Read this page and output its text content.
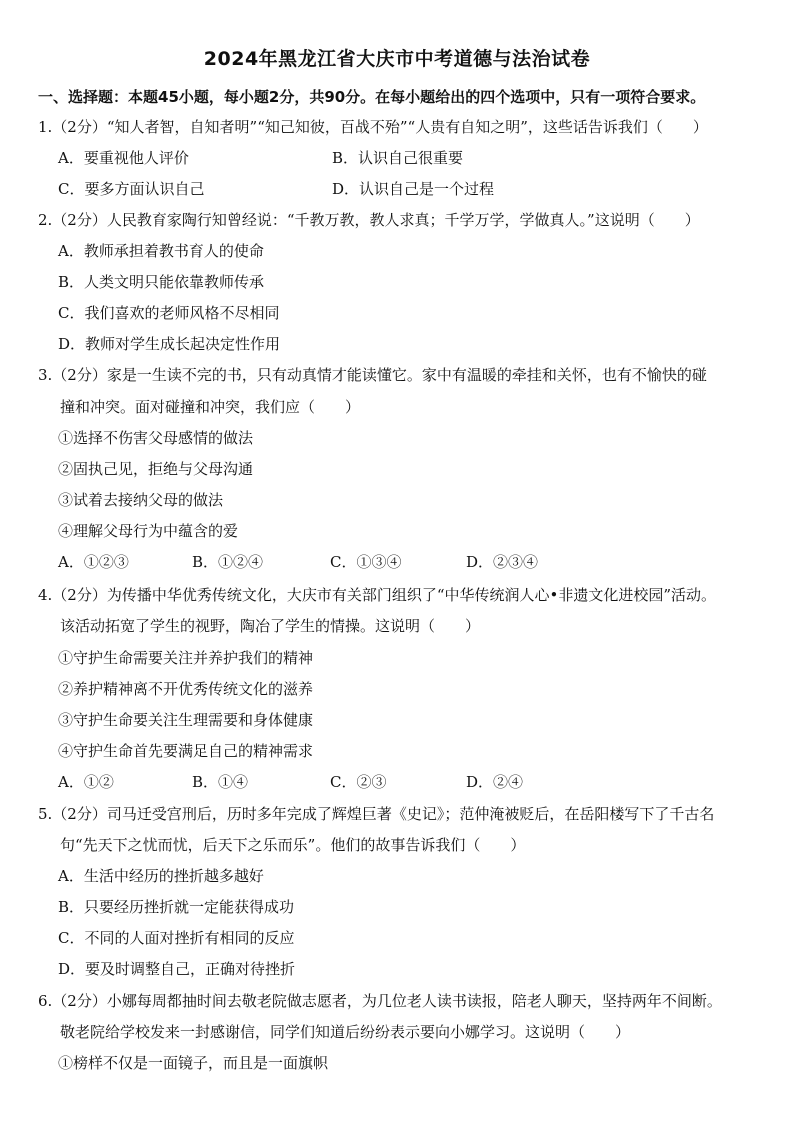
2024年黑龙江省大庆市中考道德与法治试卷
一、选择题：本题45小题，每小题2分，共90分。在每小题给出的四个选项中，只有一项符合要求。
1.（2分）“知人者智，自知者明”“知己知彼，百战不殆”“人贵有自知之明”，这些话告诉我们（　　）
A．要重视他人评价	B．认识自己很重要
C．要多方面认识自己	D．认识自己是一个过程
2.（2分）人民教育家陶行知曾经说：“千教万教，教人求真；千学万学，学做真人。”这说明（　　）
A．教师承担着教书育人的使命
B．人类文明只能依靠教师传承
C．我们喜欢的老师风格不尽相同
D．教师对学生成长起决定性作用
3.（2分）家是一生读不完的书，只有动真情才能读懂它。家中有温暖的牵挂和关怀，也有不愉快的碰
撞和冲突。面对碰撞和冲突，我们应（　　）
①选择不伤害父母感情的做法
②固执己见，拒绝与父母沟通
③试着去接纳父母的做法
④理解父母行为中蕴含的爱
A．①②③	B．①②④	C．①③④	D．②③④
4.（2分）为传播中华优秀传统文化，大庆市有关部门组织了“中华传统润人心•非遗文化进校园”活动。
该活动拓宽了学生的视野，陶冶了学生的情操。这说明（　　）
①守护生命需要关注并养护我们的精神
②养护精神离不开优秀传统文化的滋养
③守护生命要关注生理需要和身体健康
④守护生命首先要满足自己的精神需求
A．①②	B．①④	C．②③	D．②④
5.（2分）司马迁受宫刑后，历时多年完成了辉煌巨著《史记》；范仲淹被贬后，在岳阳楼写下了千古名
句“先天下之忧而忧，后天下之乐而乐”。他们的故事告诉我们（　　）
A．生活中经历的挫折越多越好
B．只要经历挫折就一定能获得成功
C．不同的人面对挫折有相同的反应
D．要及时调整自己，正确对待挫折
6.（2分）小娜每周都抽时间去敬老院做志愿者，为几位老人读书读报，陪老人聊天，坚持两年不间断。
敬老院给学校发来一封感谢信，同学们知道后纷纷表示要向小娜学习。这说明（　　）
①榜样不仅是一面镜子，而且是一面旗帜
